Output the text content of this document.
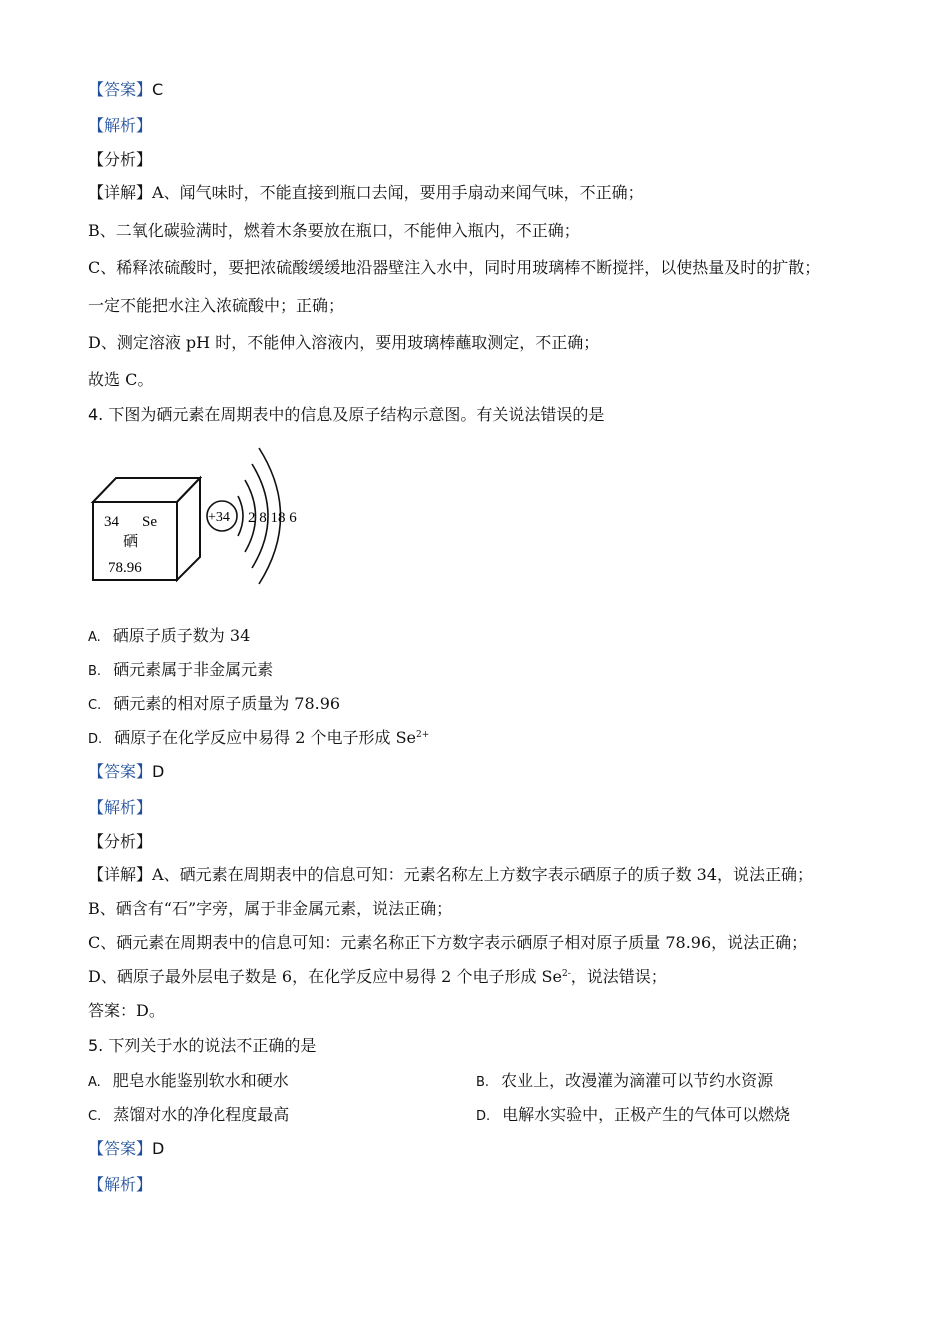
【答案】C
【解析】
【分析】
【详解】A、闻气味时，不能直接到瓶口去闻，要用手扇动来闻气味，不正确；
B、二氧化碳验满时，燃着木条要放在瓶口，不能伸入瓶内，不正确；
C、稀释浓硫酸时，要把浓硫酸缓缓地沿器壁注入水中，同时用玻璃棒不断搅拌，以使热量及时的扩散；
一定不能把水注入浓硫酸中；正确；
D、测定溶液 pH 时，不能伸入溶液内，要用玻璃棒蘸取测定，不正确；
故选 C。
4. 下图为硒元素在周期表中的信息及原子结构示意图。有关说法错误的是
34 Se
硒
78.96
+34 2 8 18 6
A. 硒原子质子数为 34
B. 硒元素属于非金属元素
C. 硒元素的相对原子质量为 78.96
D. 硒原子在化学反应中易得 2 个电子形成 $Se^{2+}$
【答案】D
【解析】
【分析】
【详解】A、硒元素在周期表中的信息可知：元素名称左上方数字表示硒原子的质子数 34，说法正确；
B、硒含有“石”字旁，属于非金属元素，说法正确；
C、硒元素在周期表中的信息可知：元素名称正下方数字表示硒原子相对原子质量 78.96，说法正确；
D、硒原子最外层电子数是 6，在化学反应中易得 2 个电子形成 $Se^{2-}$，说法错误；
答案：D。
5. 下列关于水的说法不正确的是
A. 肥皂水能鉴别软水和硬水	B. 农业上，改漫灌为滴灌可以节约水资源
C. 蒸馏对水的净化程度最高	D. 电解水实验中，正极产生的气体可以燃烧
【答案】D
【解析】
